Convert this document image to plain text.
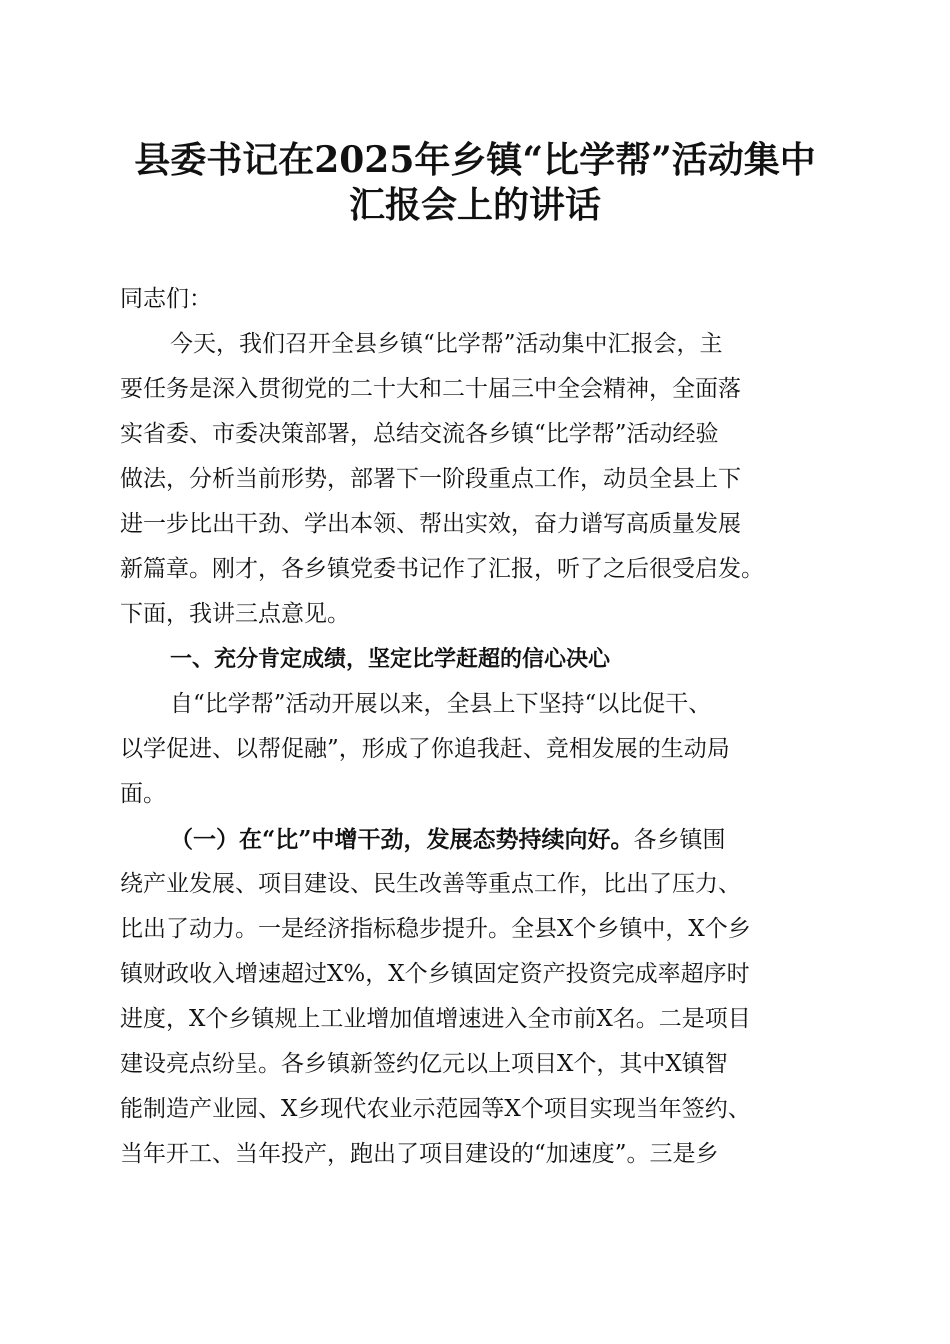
县委书记在2025年乡镇“比学帮”活动集中
汇报会上的讲话
同志们：
今天，我们召开全县乡镇“比学帮”活动集中汇报会，主
要任务是深入贯彻党的二十大和二十届三中全会精神，全面落
实省委、市委决策部署，总结交流各乡镇“比学帮”活动经验
做法，分析当前形势，部署下一阶段重点工作，动员全县上下
进一步比出干劲、学出本领、帮出实效，奋力谱写高质量发展
新篇章。刚才，各乡镇党委书记作了汇报，听了之后很受启发。
下面，我讲三点意见。
一、充分肯定成绩，坚定比学赶超的信心决心
自“比学帮”活动开展以来，全县上下坚持“以比促干、
以学促进、以帮促融”，形成了你追我赶、竞相发展的生动局
面。
（一）在“比”中增干劲，发展态势持续向好。各乡镇围
绕产业发展、项目建设、民生改善等重点工作，比出了压力、
比出了动力。一是经济指标稳步提升。全县X个乡镇中，X个乡
镇财政收入增速超过X%，X个乡镇固定资产投资完成率超序时
进度，X个乡镇规上工业增加值增速进入全市前X名。二是项目
建设亮点纷呈。各乡镇新签约亿元以上项目X个，其中X镇智
能制造产业园、X乡现代农业示范园等X个项目实现当年签约、
当年开工、当年投产，跑出了项目建设的“加速度”。三是乡
